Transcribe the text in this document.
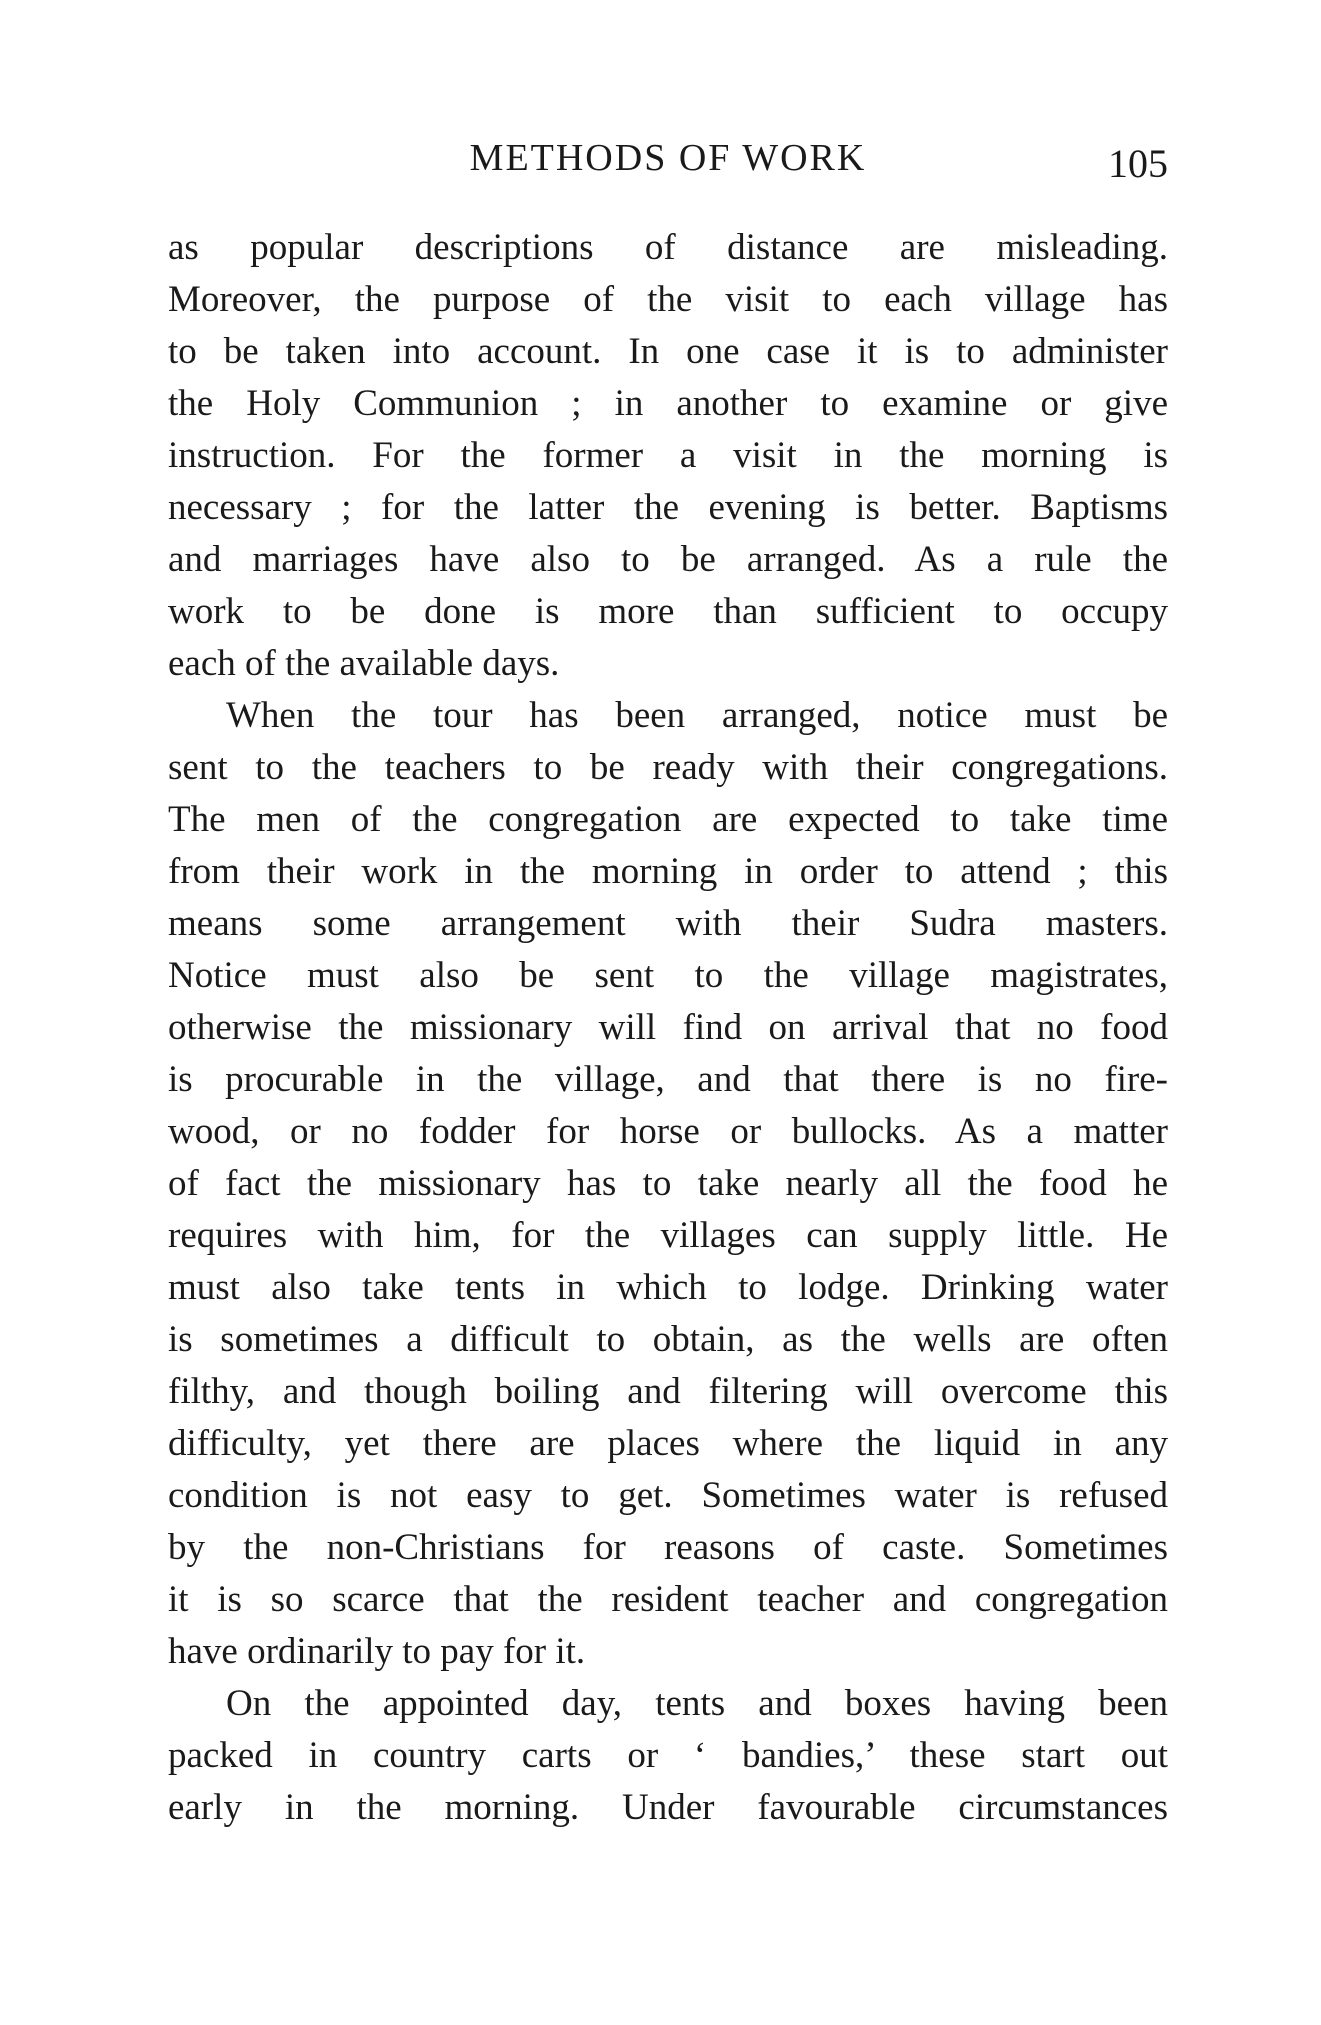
METHODS OF WORK	105
as popular descriptions of distance are misleading.
Moreover, the purpose of the visit to each village has
to be taken into account. In one case it is to administer
the Holy Communion ; in another to examine or give
instruction. For the former a visit in the morning is
necessary ; for the latter the evening is better. Baptisms
and marriages have also to be arranged. As a rule the
work to be done is more than sufficient to occupy
each of the available days.
When the tour has been arranged, notice must be
sent to the teachers to be ready with their congregations.
The men of the congregation are expected to take time
from their work in the morning in order to attend ; this
means some arrangement with their Sudra masters.
Notice must also be sent to the village magistrates,
otherwise the missionary will find on arrival that no food
is procurable in the village, and that there is no fire-
wood, or no fodder for horse or bullocks. As a matter
of fact the missionary has to take nearly all the food he
requires with him, for the villages can supply little. He
must also take tents in which to lodge. Drinking water
is sometimes a difficult to obtain, as the wells are often
filthy, and though boiling and filtering will overcome this
difficulty, yet there are places where the liquid in any
condition is not easy to get. Sometimes water is refused
by the non-Christians for reasons of caste. Sometimes
it is so scarce that the resident teacher and congregation
have ordinarily to pay for it.
On the appointed day, tents and boxes having been
packed in country carts or ‘ bandies,’ these start out
early in the morning. Under favourable circumstances
